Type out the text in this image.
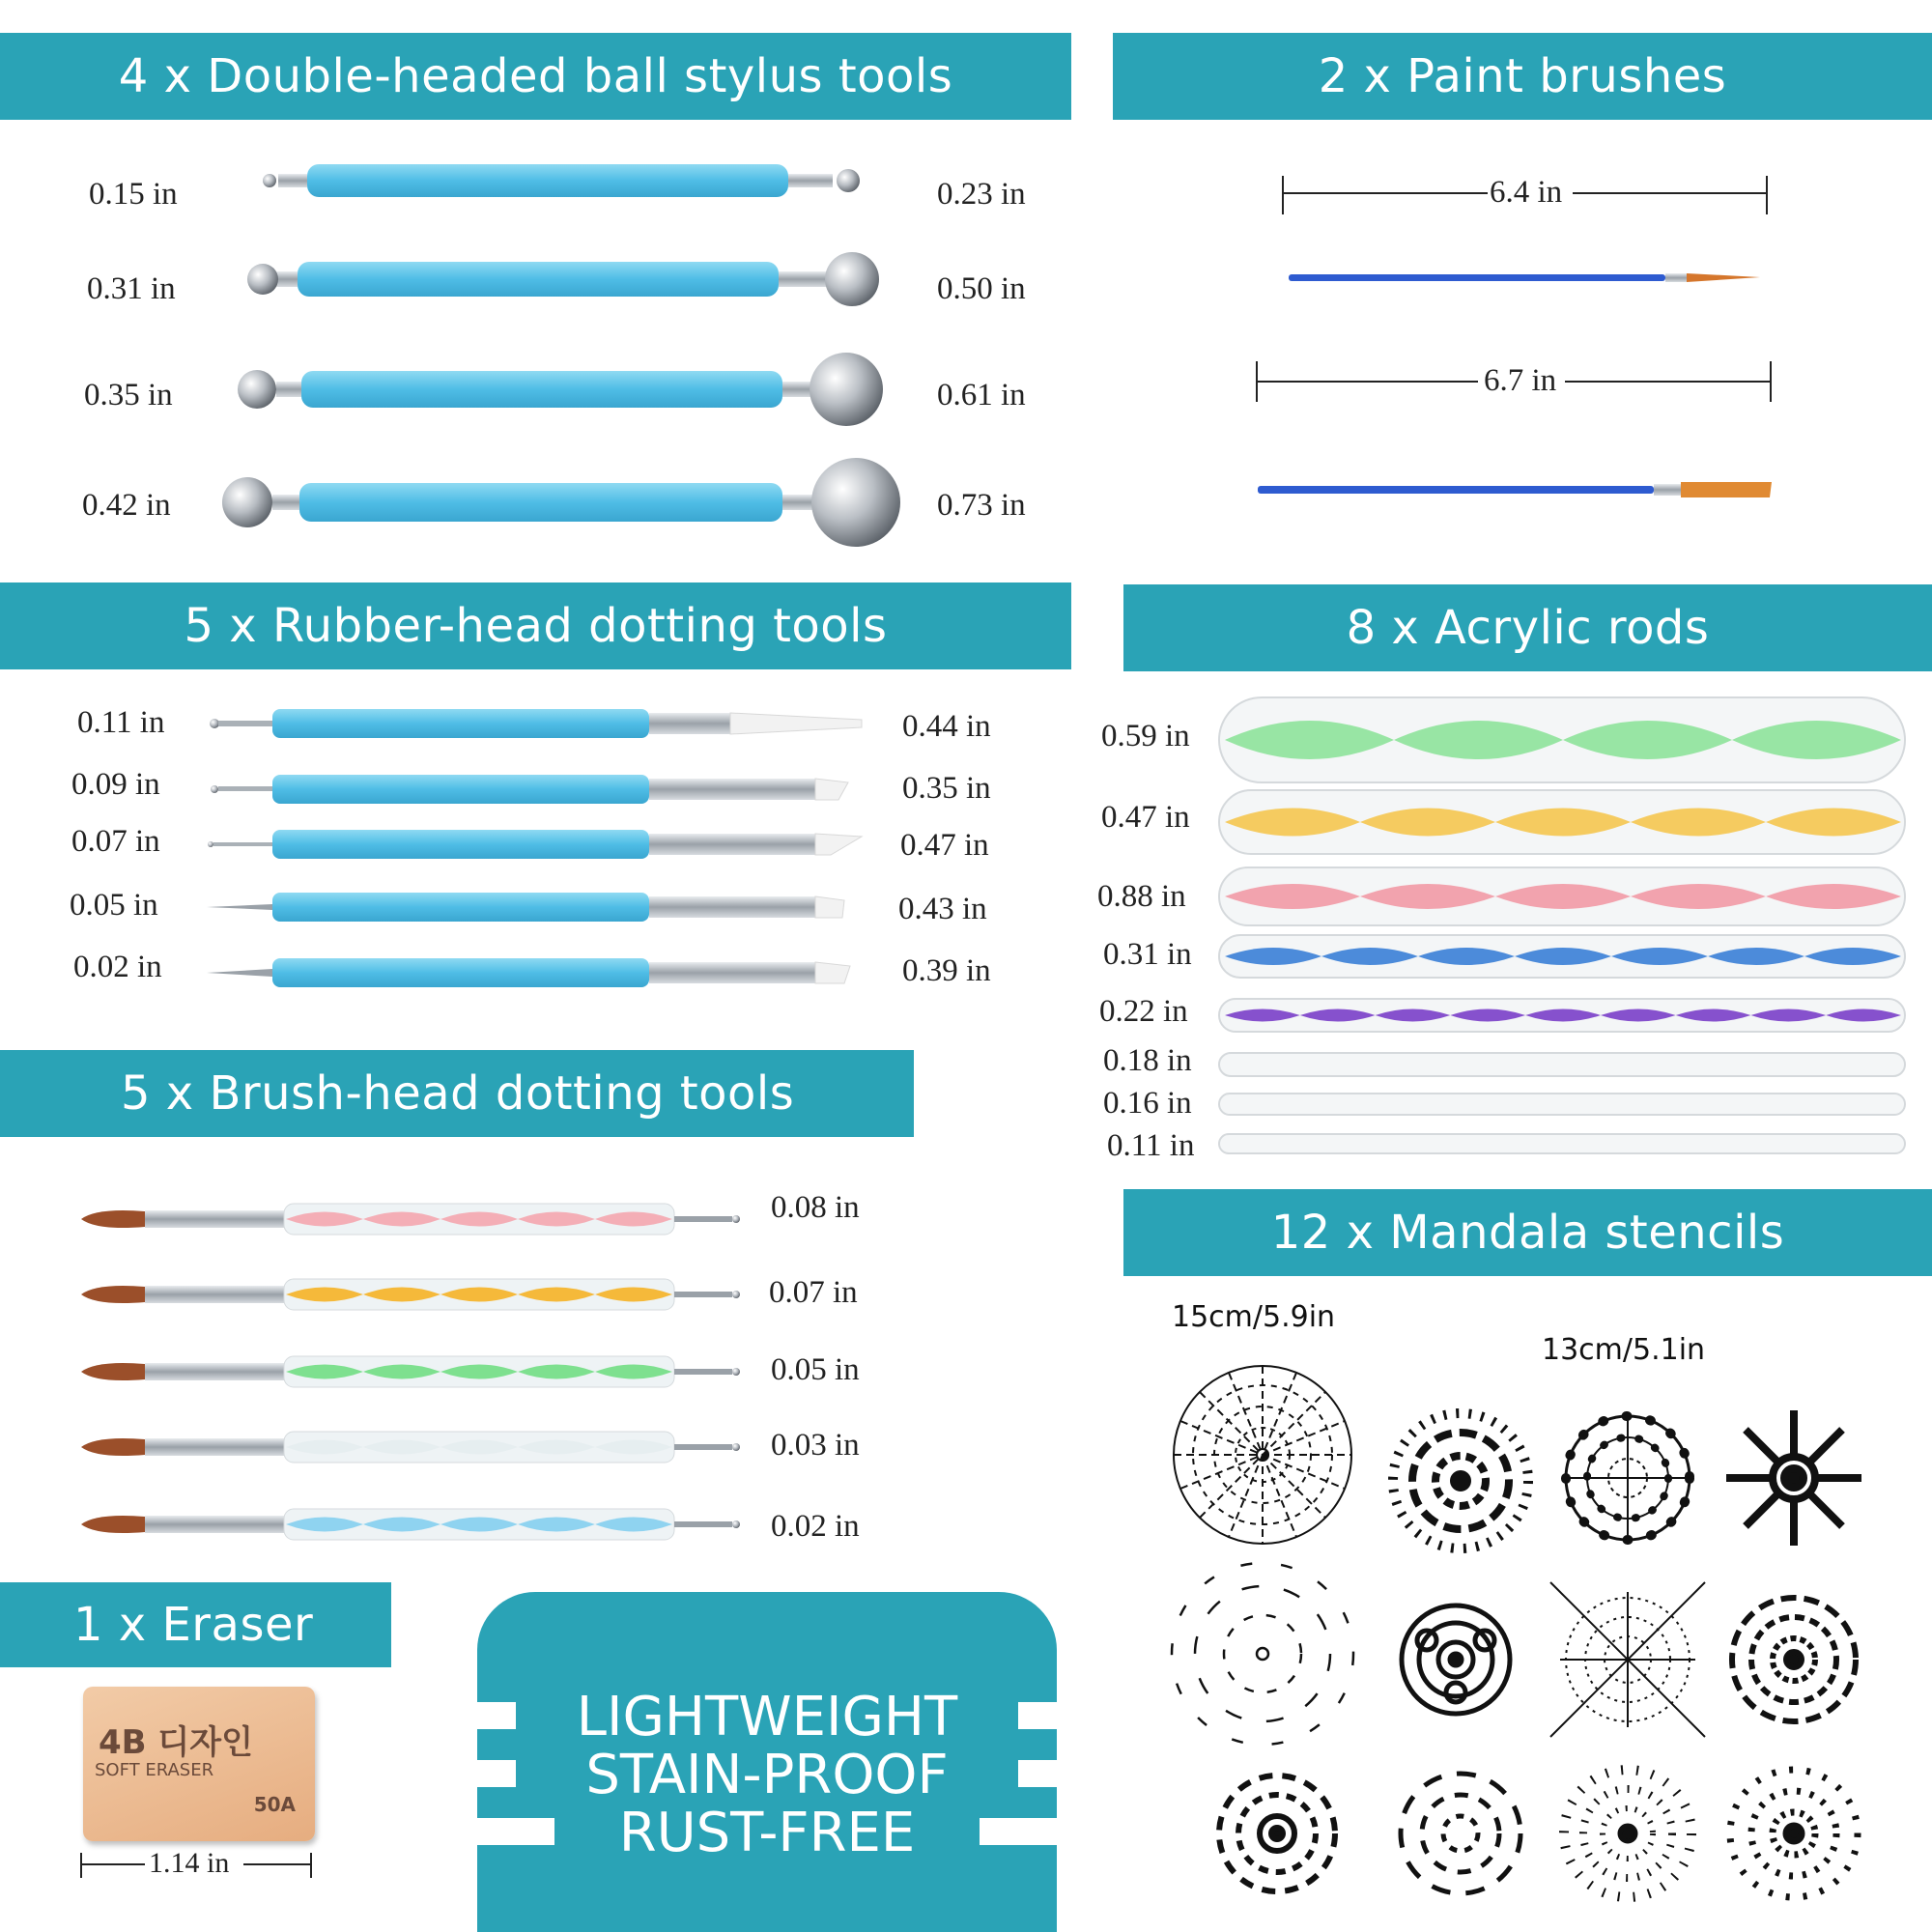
4 x Double-headed ball stylus tools	2 x Paint brushes
5 x Rubber-head dotting tools	8 x Acrylic rods
5 x Brush-head dotting tools
12 x Mandala stencils
1 x Eraser
0.15 in
0.31 in
0.35 in
0.42 in
0.23 in
0.50 in
0.61 in
0.73 in
6.4 in
6.7 in
0.11 in
0.09 in
0.07 in
0.05 in
0.02 in
0.44 in
0.35 in
0.47 in
0.43 in
0.39 in
0.59 in
0.47 in
0.88 in
0.31 in
0.22 in
0.18 in
0.16 in
0.11 in
0.08 in
0.07 in
0.05 in
0.03 in
0.02 in
15cm/5.9in
13cm/5.1in
4B 디자인
SOFT ERASER
50A
1.14 in
LIGHTWEIGHT
STAIN-PROOF
RUST-FREE
